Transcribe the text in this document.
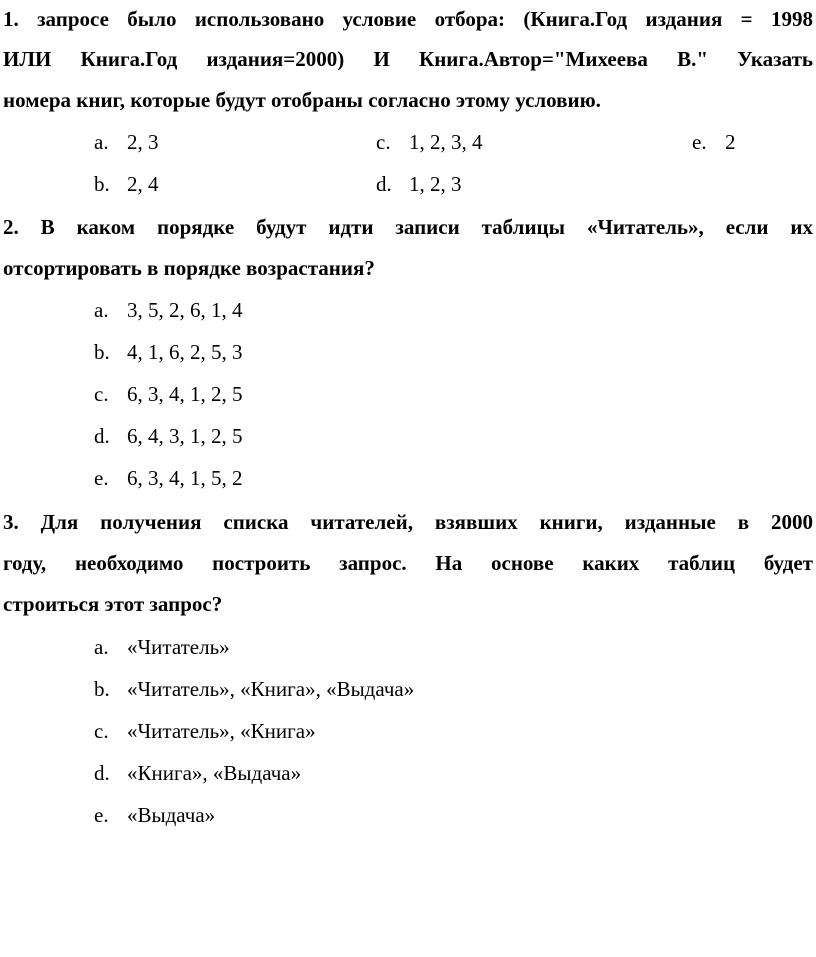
1. запросе было использовано условие отбора: (Книга.Год издания = 1998
ИЛИ Книга.Год издания=2000) И Книга.Автор="Михеева В." Указать
номера книг, которые будут отобраны согласно этому условию.
a. 2, 3	c. 1, 2, 3, 4	e. 2
b. 2, 4	d. 1, 2, 3
2. В каком порядке будут идти записи таблицы «Читатель», если их
отсортировать в порядке возрастания?
a. 3, 5, 2, 6, 1, 4
b. 4, 1, 6, 2, 5, 3
c. 6, 3, 4, 1, 2, 5
d. 6, 4, 3, 1, 2, 5
e. 6, 3, 4, 1, 5, 2
3. Для получения списка читателей, взявших книги, изданные в 2000
году, необходимо построить запрос. На основе каких таблиц будет
строиться этот запрос?
a. «Читатель»
b. «Читатель», «Книга», «Выдача»
c. «Читатель», «Книга»
d. «Книга», «Выдача»
e. «Выдача»
